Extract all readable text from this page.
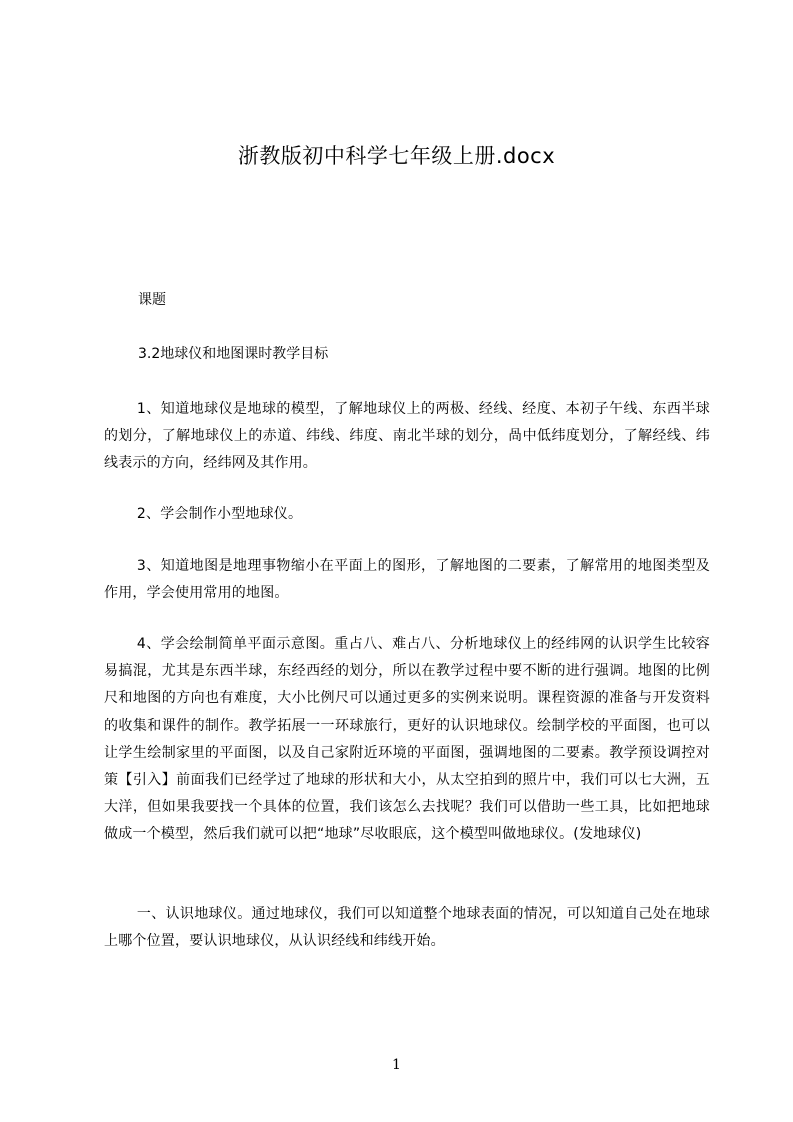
浙教版初中科学七年级上册.docx
课题
3.2地球仪和地图课时教学目标
1、知道地球仪是地球的模型，了解地球仪上的两极、经线、经度、本初子午线、东西半球的划分，了解地球仪上的赤道、纬线、纬度、南北半球的划分，咼中低纬度划分，了解经线、纬线表示的方向，经纬网及其作用。
2、学会制作小型地球仪。
3、知道地图是地理事物缩小在平面上的图形，了解地图的二要素，了解常用的地图类型及作用，学会使用常用的地图。
4、学会绘制简单平面示意图。重占八、难占八、分析地球仪上的经纬网的认识学生比较容易搞混，尤其是东西半球，东经西经的划分，所以在教学过程中要不断的进行强调。地图的比例尺和地图的方向也有难度，大小比例尺可以通过更多的实例来说明。课程资源的准备与开发资料的收集和课件的制作。教学拓展一一环球旅行，更好的认识地球仪。绘制学校的平面图，也可以让学生绘制家里的平面图，以及自己家附近环境的平面图，强调地图的二要素。教学预设调控对策【引入】前面我们已经学过了地球的形状和大小，从太空拍到的照片中，我们可以七大洲，五大洋，但如果我要找一个具体的位置，我们该怎么去找呢？我们可以借助一些工具，比如把地球做成一个模型，然后我们就可以把“地球”尽收眼底，这个模型叫做地球仪。(发地球仪)
一、认识地球仪。通过地球仪，我们可以知道整个地球表面的情况，可以知道自己处在地球上哪个位置，要认识地球仪，从认识经线和纬线开始。
1
